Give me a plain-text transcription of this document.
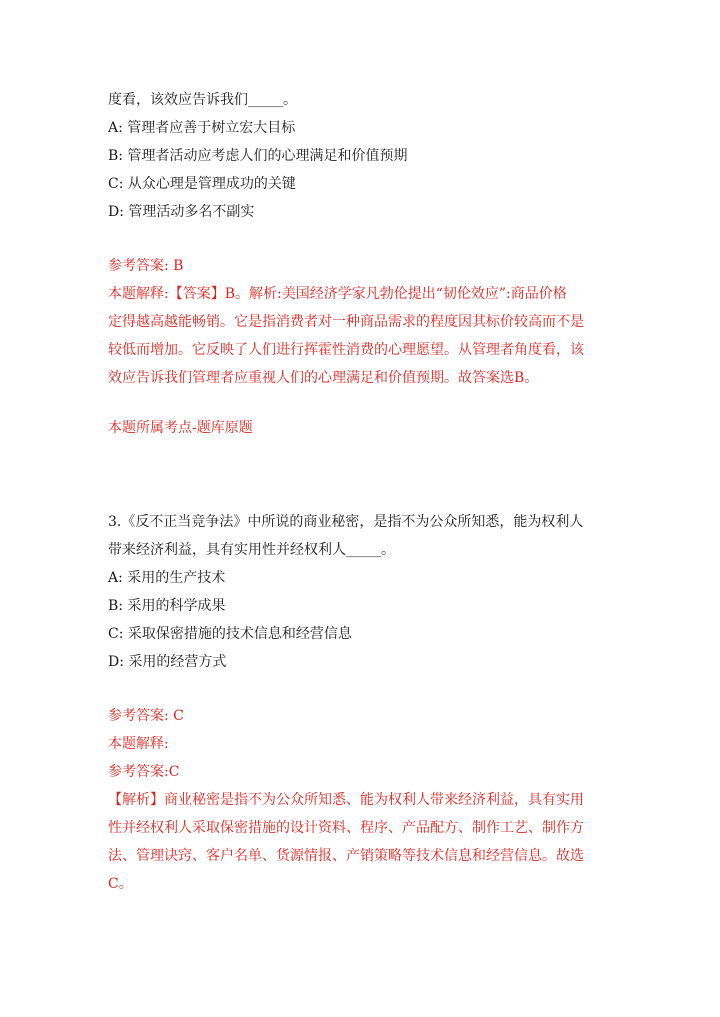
度看，该效应告诉我们_____。
A: 管理者应善于树立宏大目标
B: 管理者活动应考虑人们的心理满足和价值预期
C: 从众心理是管理成功的关键
D: 管理活动多名不副实
参考答案: B
本题解释:【答案】B。解析:美国经济学家凡勃伦提出“韧伦效应”:商品价格
定得越高越能畅销。它是指消费者对一种商品需求的程度因其标价较高而不是
较低而增加。它反映了人们进行挥霍性消费的心理愿望。从管理者角度看，该
效应告诉我们管理者应重视人们的心理满足和价值预期。故答案选B。
本题所属考点-题库原题
3.《反不正当竞争法》中所说的商业秘密，是指不为公众所知悉，能为权利人
带来经济利益，具有实用性并经权利人_____。
A: 采用的生产技术
B: 采用的科学成果
C: 采取保密措施的技术信息和经营信息
D: 采用的经营方式
参考答案: C
本题解释:
参考答案:C
【解析】商业秘密是指不为公众所知悉、能为权利人带来经济利益，具有实用
性并经权利人采取保密措施的设计资料、程序、产品配方、制作工艺、制作方
法、管理诀窍、客户名单、货源情报、产销策略等技术信息和经营信息。故选
C。
